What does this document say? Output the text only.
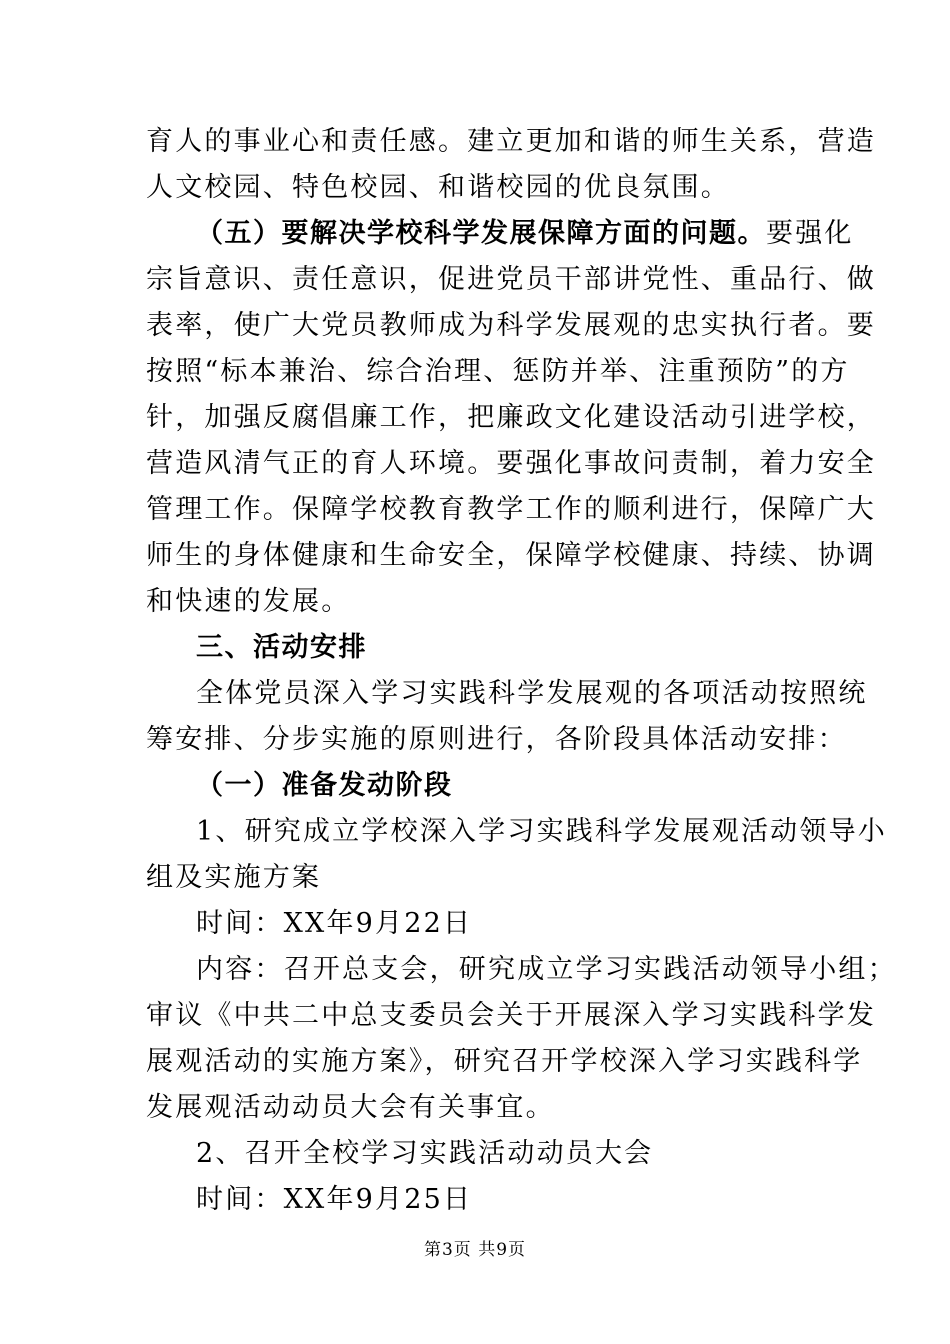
育人的事业心和责任感。建立更加和谐的师生关系，营造
人文校园、特色校园、和谐校园的优良氛围。
（五）要解决学校科学发展保障方面的问题。要强化
宗旨意识、责任意识，促进党员干部讲党性、重品行、做
表率，使广大党员教师成为科学发展观的忠实执行者。要
按照“标本兼治、综合治理、惩防并举、注重预防”的方
针，加强反腐倡廉工作，把廉政文化建设活动引进学校，
营造风清气正的育人环境。要强化事故问责制，着力安全
管理工作。保障学校教育教学工作的顺利进行，保障广大
师生的身体健康和生命安全，保障学校健康、持续、协调
和快速的发展。
三、活动安排
全体党员深入学习实践科学发展观的各项活动按照统
筹安排、分步实施的原则进行，各阶段具体活动安排：
（一）准备发动阶段
1、研究成立学校深入学习实践科学发展观活动领导小
组及实施方案
时间：XX年9月22日
内容：召开总支会，研究成立学习实践活动领导小组；
审议《中共二中总支委员会关于开展深入学习实践科学发
展观活动的实施方案》，研究召开学校深入学习实践科学
发展观活动动员大会有关事宜。
2、召开全校学习实践活动动员大会
时间：XX年9月25日
第3页 共9页
